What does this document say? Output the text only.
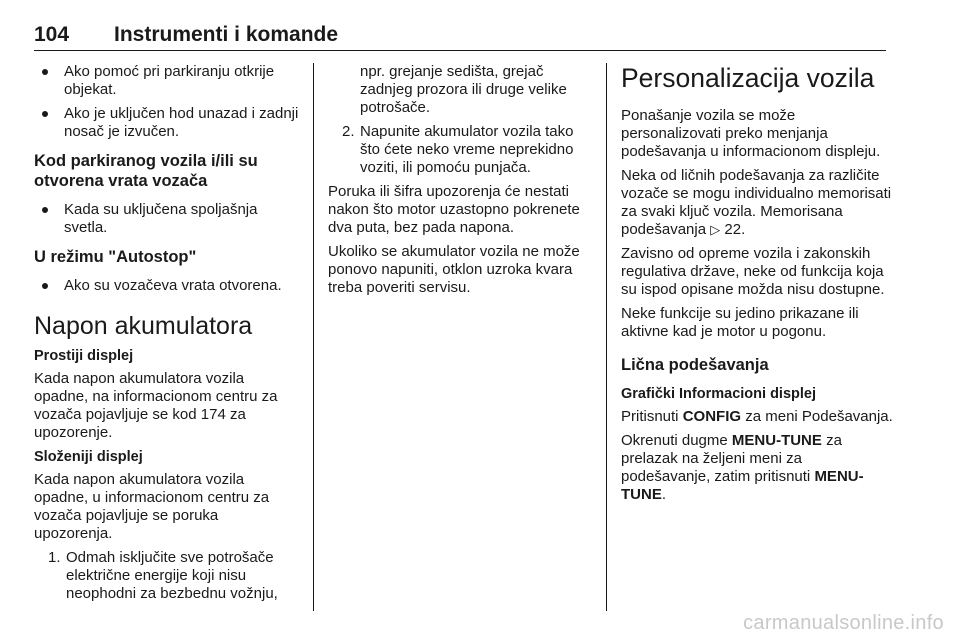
104 Instrumenti i komande
Ako pomoć pri parkiranju otkrije objekat.
Ako je uključen hod unazad i zadnji nosač je izvučen.
Kod parkiranog vozila i/ili su otvorena vrata vozača
Kada su uključena spoljašnja svetla.
U režimu "Autostop"
Ako su vozačeva vrata otvorena.
Napon akumulatora
Prostiji displej

Kada napon akumulatora vozila opadne, na informacionom centru za vozača pojavljuje se kod 174 za upozorenje.

Složeniji displej

Kada napon akumulatora vozila opadne, u informacionom centru za vozača pojavljuje se poruka upozorenja.

1. Odmah isključite sve potrošače električne energije koji nisu neophodni za bezbednu vožnju,
npr. grejanje sedišta, grejač zadnjeg prozora ili druge velike potrošače.
2. Napunite akumulator vozila tako što ćete neko vreme neprekidno voziti, ili pomoću punjača.

Poruka ili šifra upozorenja će nestati nakon što motor uzastopno pokrenete dva puta, bez pada napona.

Ukoliko se akumulator vozila ne može ponovo napuniti, otklon uzroka kvara treba poveriti servisu.

Personalizacija vozila

Ponašanje vozila se može personalizovati preko menjanja podešavanja u informacionom displeju.

Neka od ličnih podešavanja za različite vozače se mogu individualno memorisati za svaki ključ vozila. Memorisana podešavanja ▷ 22.

Zavisno od opreme vozila i zakonskih regulativa države, neke od funkcija koja su ispod opisane možda nisu dostupne.

Neke funkcije su jedino prikazane ili aktivne kad je motor u pogonu.

Lična podešavanja
Grafički Informacioni displej

Pritisnuti CONFIG za meni Podešavanja.

Okrenuti dugme MENU-TUNE za prelazak na željeni meni za podešavanje, zatim pritisnuti MENU-TUNE.

carmanualsonline.info
